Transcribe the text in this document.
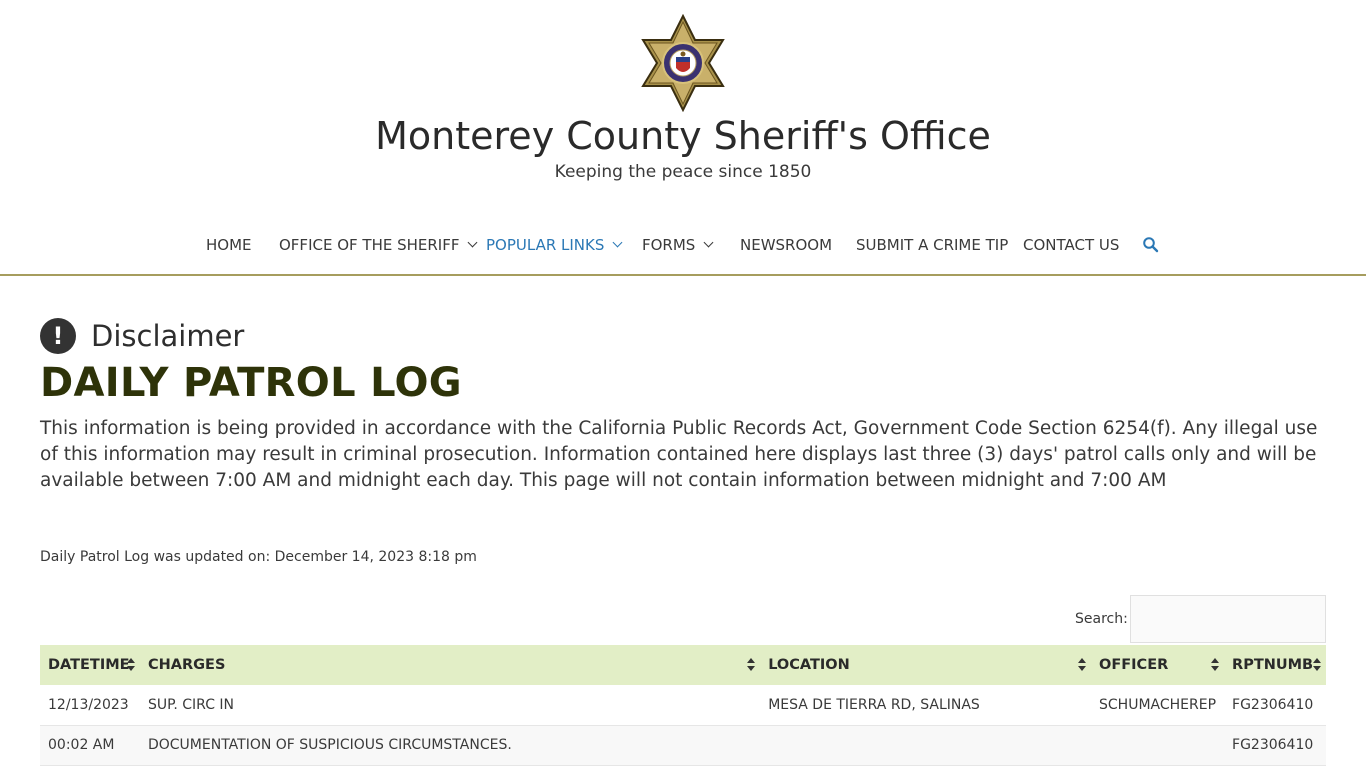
Monterey County Sheriff's Office
Keeping the peace since 1850
HOME OFFICE OF THE SHERIFF	POPULAR LINKS	FORMS	NEWSROOM SUBMIT A CRIME TIP CONTACT US
! Disclaimer
DAILY PATROL LOG

This information is being provided in accordance with the California Public Records Act, Government Code Section 6254(f). Any illegal use of this information may result in criminal prosecution. Information contained here displays last three (3) days' patrol calls only and will be available between 7:00 AM and midnight each day. This page will not contain information between midnight and 7:00 AM

Daily Patrol Log was updated on: December 14, 2023 8:18 pm
Search:
DATETIME	CHARGES	LOCATION	OFFICER	RPTNUMB

12/13/2023	SUP. CIRC IN	MESA DE TIERRA RD, SALINAS	SCHUMACHEREP	FG2306410
00:02 AM	DOCUMENTATION OF SUSPICIOUS CIRCUMSTANCES.			FG2306410
